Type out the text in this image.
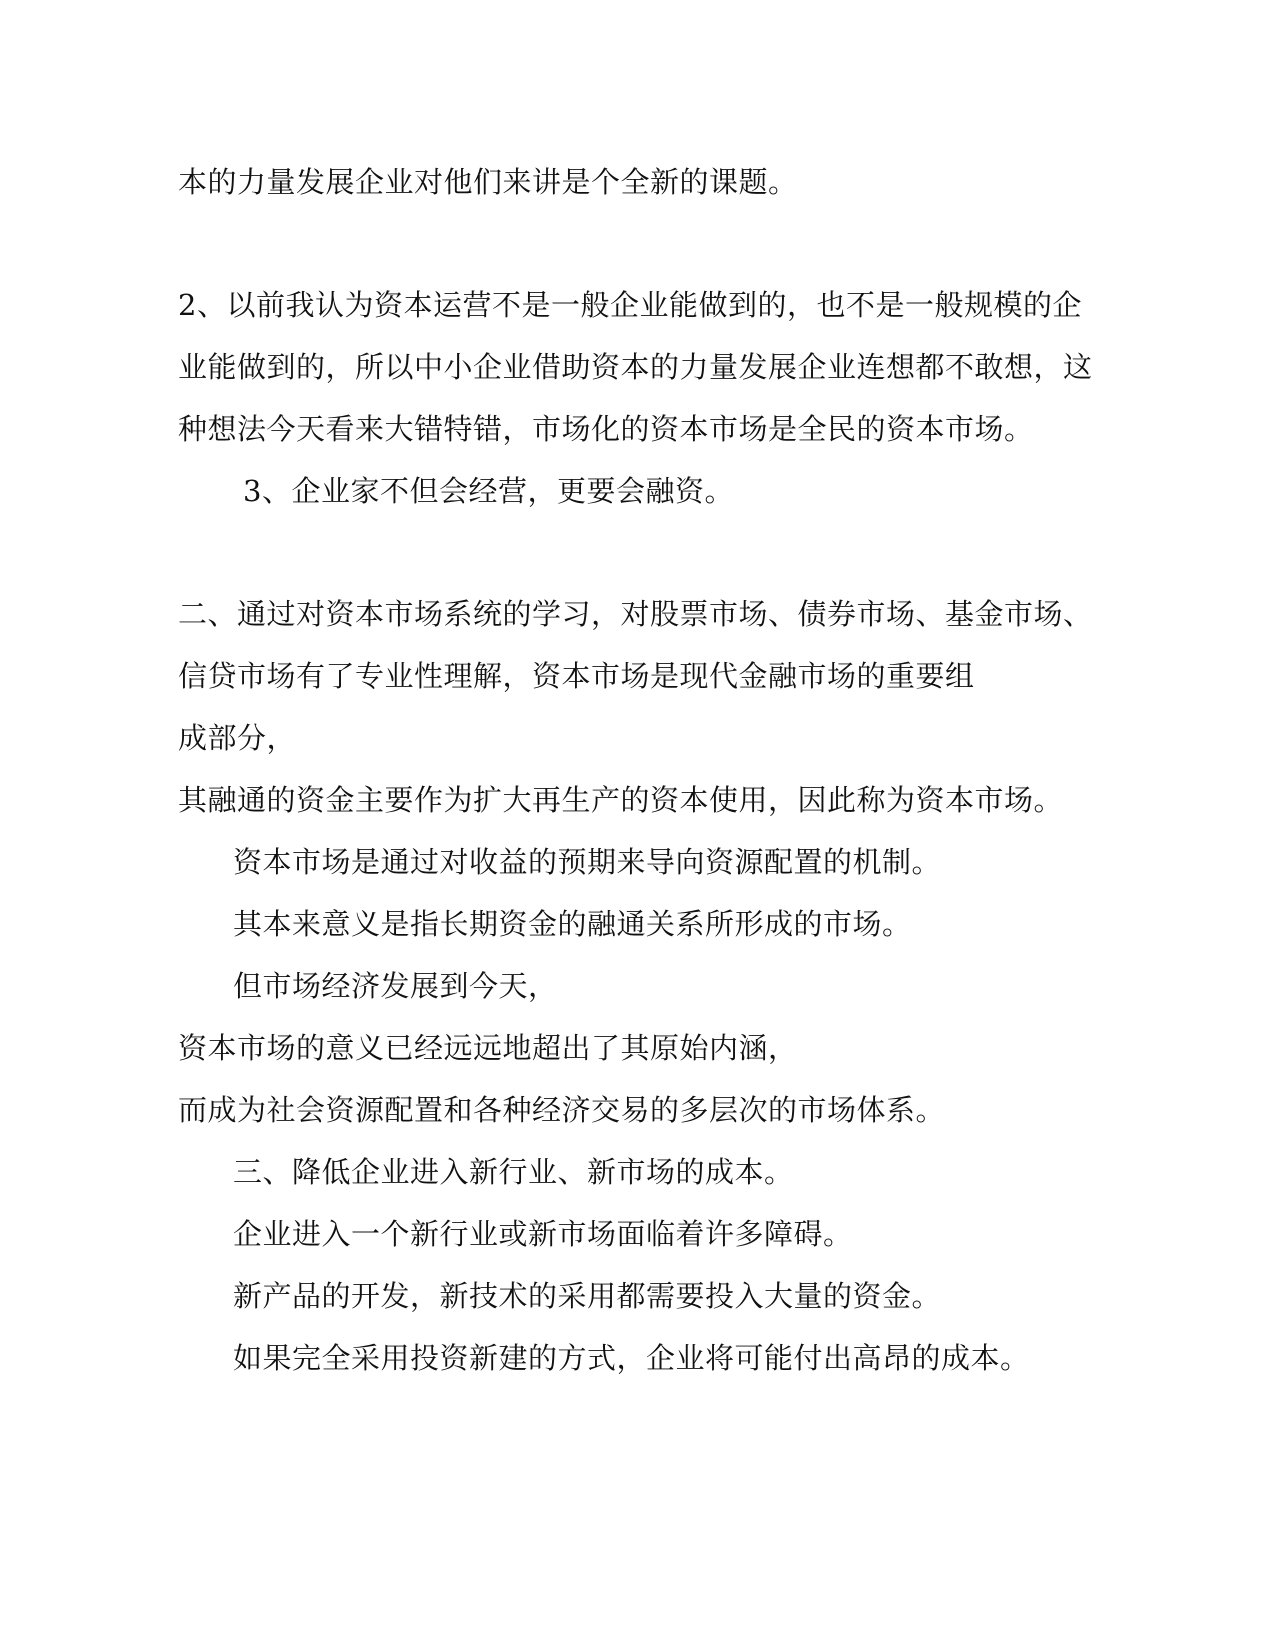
本的力量发展企业对他们来讲是个全新的课题。
2、以前我认为资本运营不是一般企业能做到的，也不是一般规模的企
业能做到的，所以中小企业借助资本的力量发展企业连想都不敢想，这
种想法今天看来大错特错，市场化的资本市场是全民的资本市场。
3、企业家不但会经营，更要会融资。
二、通过对资本市场系统的学习，对股票市场、债券市场、基金市场、
信贷市场有了专业性理解，资本市场是现代金融市场的重要组
成部分，
其融通的资金主要作为扩大再生产的资本使用，因此称为资本市场。
资本市场是通过对收益的预期来导向资源配置的机制。
其本来意义是指长期资金的融通关系所形成的市场。
但市场经济发展到今天，
资本市场的意义已经远远地超出了其原始内涵，
而成为社会资源配置和各种经济交易的多层次的市场体系。
三、降低企业进入新行业、新市场的成本。
企业进入一个新行业或新市场面临着许多障碍。
新产品的开发，新技术的采用都需要投入大量的资金。
如果完全采用投资新建的方式，企业将可能付出高昂的成本。
